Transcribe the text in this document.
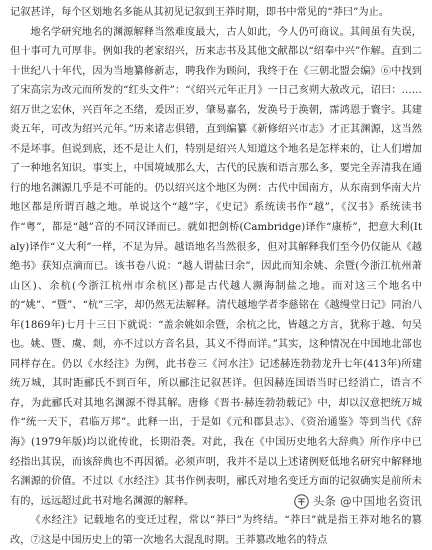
记叙甚详，每个区划地名多能从其初见记叙到王莽时期，即书中常见的“莽曰”为止。

地名学研究地名的渊源解释当然难度最大，古人如此，今人仍可商议。其间虽有失误，但十事可九可厚非。例如我的老家绍兴，历来志书及其他文献都以“绍奉中兴”作解。直到二十世纪八十年代，因为当地纂修新志，聘我作为顾问，我终于在《三朝北盟会编》⑥中找到了宋高宗为改元而所发的“红头文件”：“《绍兴元年正月》一日己亥朔大赦改元，诏曰：……绍万世之宏休，兴百年之丕绪，爰因正岁，肇易嘉名，发涣号于涣朝，霈鸿恩于寰宇。其建炎五年，可改为绍兴元年。”历来诸志俱错，直到编纂《新修绍兴市志》才正其渊源，这当然不是坏事。但说到底，还不是让人们，特别是绍兴人知道这个地名是怎样来的，让人们增加了一种地名知识。事实上，中国境域那么大，古代的民族和语言那么多，要完全弄清我在通行的地名渊源几乎是不可能的。仍以绍兴这个地区为例：古代中国南方，从东南到华南大片地区都是所谓百越之地。单说这个“越”字，《史记》系统读书作“越”，《汉书》系统读书作“粤”，都是“越”音的不同汉译而已。就如把剑桥(Cambridge)译作“康桥”，把意大利(Italy)译作“义大利”一样，不足为异。越语地名当然很多，但对其解释我们至今仍仅能从《越绝书》获知点滴而已。该书卷八说：“越人谓盐曰余”，因此而知余姚、余暨(今浙江杭州萧山区)、余杭(今浙江杭州市余杭区)都是古代越人濒海制盐之地。而对这三个地名中的“姚”、“暨”、“杭”三字，却仍然无法解释。清代越地学者李慈铭在《越缦堂日记》同治八年(1869年)七月十三日下就说：“盖余姚如余暨，余杭之比，皆越之方言，犹称于越、句吴也。姚、暨、虞、剡，亦不过以方音名县，其义不得而详。”其实，这种情况在中国地北部也同样存在。仍以《水经注》为例，此书卷三《河水注》记述赫连勃勃龙升七年(413年)所建统万城，其时距郦氏不到百年，所以郦注记叙甚详。但因赫连国语当时已经消亡，语言不存，为此郦氏对其地名渊源不得其解。唐修《晋书·赫连勃勃载记》中，却以汉意把统万城作“统一天下，君临万邦”。此释一出，于是如《元和郡县志》、《资治通鉴》等到当代《辞海》(1979年版)均以讹传讹，长期沿袭。对此，我在《中国历史地名大辞典》所作序中已经指出其误，而该辞典也不再因循。必须声明，我并不是以上述诸例贬低地名研究中解释地名渊源的价值。不过以《水经注》其书作例表明，郦氏对地名变迁方面的记叙确实是前所未有的，远远超过此书对地名渊源的解释。

《水经注》记载地名的变迁过程，常以“莽曰”为终结。“莽曰”就是指王莽对地名的篡改，⑦这是中国历史上的第一次地名大混乱时期。王莽篡改地名的特点

头条 @中国地名资讯
